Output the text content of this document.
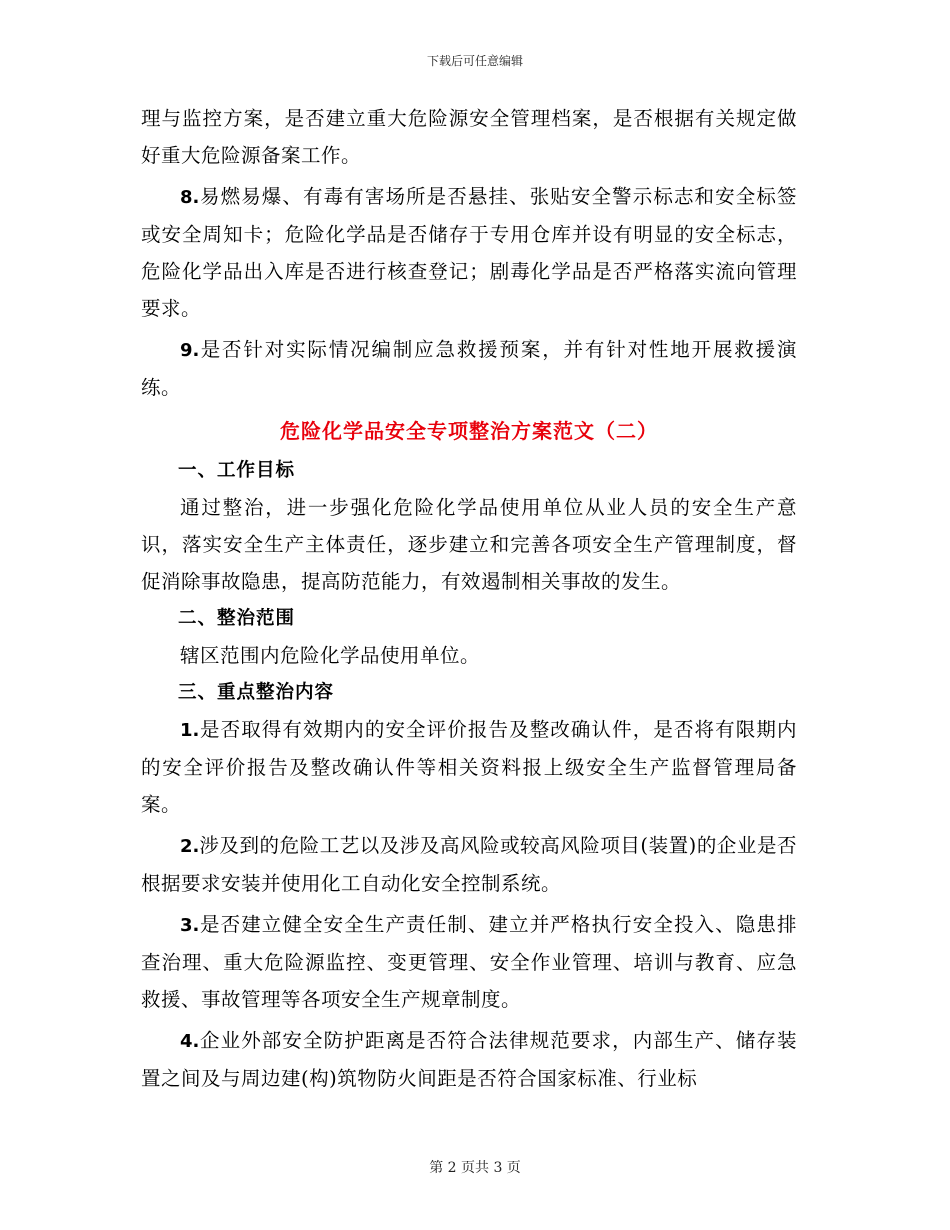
下载后可任意编辑

理与监控方案，是否建立重大危险源安全管理档案，是否根据有关规定做好重大危险源备案工作。

8.易燃易爆、有毒有害场所是否悬挂、张贴安全警示标志和安全标签或安全周知卡；危险化学品是否储存于专用仓库并设有明显的安全标志，危险化学品出入库是否进行核查登记；剧毒化学品是否严格落实流向管理要求。

9.是否针对实际情况编制应急救援预案，并有针对性地开展救援演练。

危险化学品安全专项整治方案范文（二）

一、工作目标

通过整治，进一步强化危险化学品使用单位从业人员的安全生产意识，落实安全生产主体责任，逐步建立和完善各项安全生产管理制度，督促消除事故隐患，提高防范能力，有效遏制相关事故的发生。

二、整治范围

辖区范围内危险化学品使用单位。

三、重点整治内容

1.是否取得有效期内的安全评价报告及整改确认件，是否将有限期内的安全评价报告及整改确认件等相关资料报上级安全生产监督管理局备案。

2.涉及到的危险工艺以及涉及高风险或较高风险项目(装置)的企业是否根据要求安装并使用化工自动化安全控制系统。

3.是否建立健全安全生产责任制、建立并严格执行安全投入、隐患排查治理、重大危险源监控、变更管理、安全作业管理、培训与教育、应急救援、事故管理等各项安全生产规章制度。

4.企业外部安全防护距离是否符合法律规范要求，内部生产、储存装置之间及与周边建(构)筑物防火间距是否符合国家标准、行业标

第 2 页共 3 页
